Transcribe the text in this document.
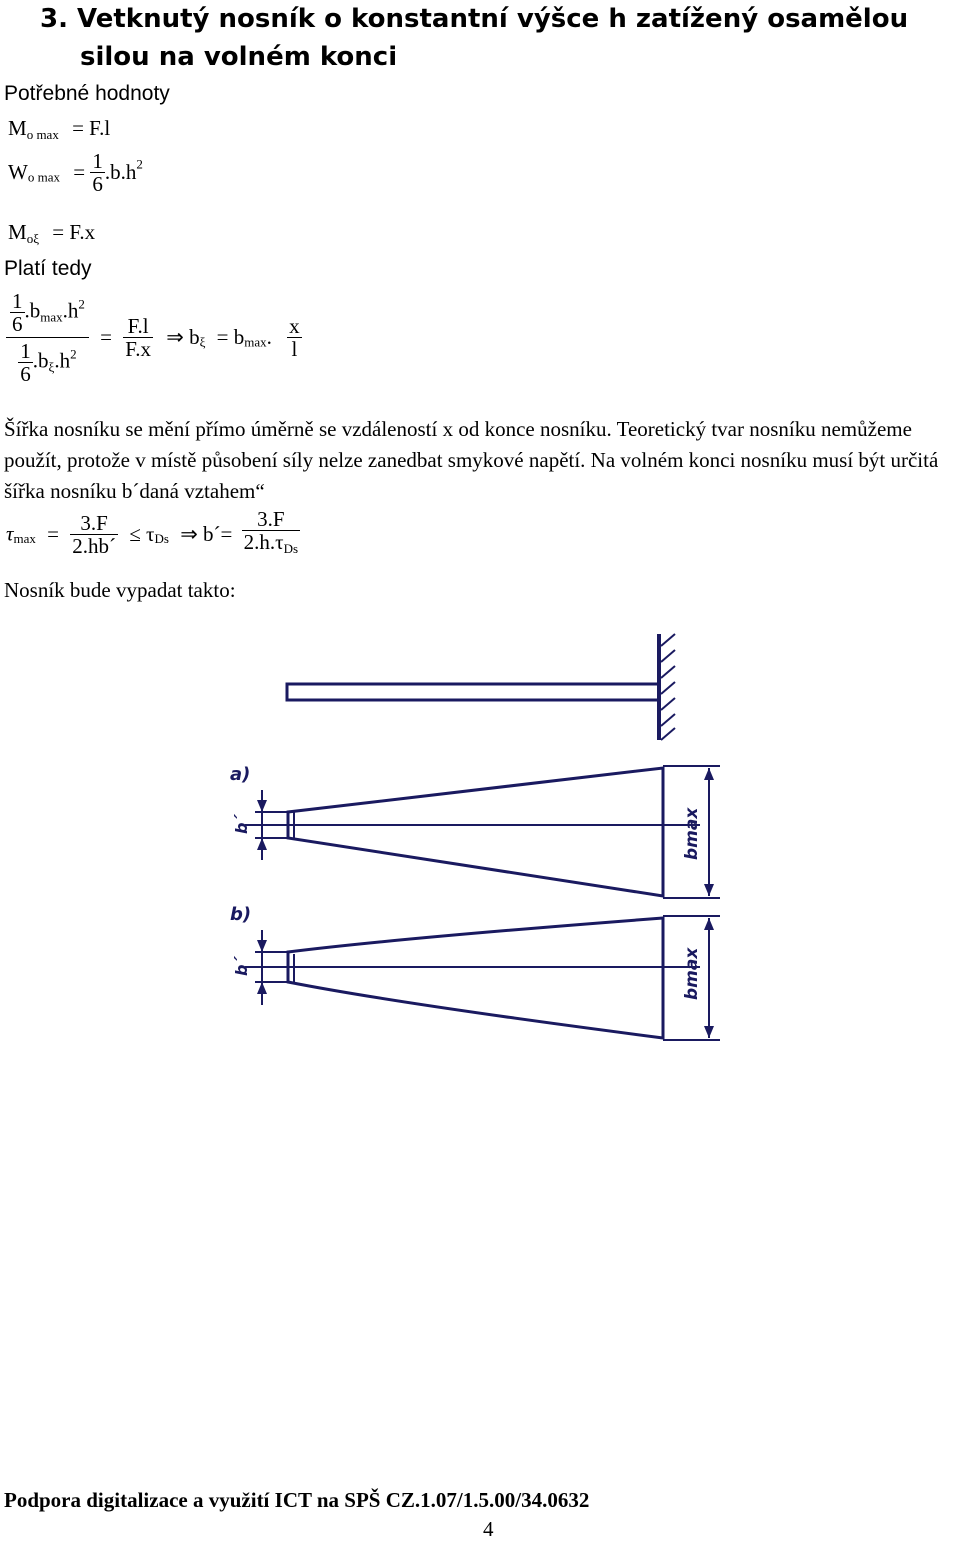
3. Vetknutý nosník o konstantní výšce h zatížený osamělou
silou na volném konci
Potřebné hodnoty
$M_{o max} = F.l$
$W_{o max} = \frac{1}{6} .b.h^2$
$M_{o\xi} = F.x$
Platí tedy
$\frac{\frac{1}{6} .b_{max}.h^2}{\frac{1}{6} .b_\xi.h^2} = \frac{F.l}{F.x}$ ⇒ $b_\xi = b_{max}$. $\frac{x}{l}$
Šířka nosníku se mění přímo úměrně se vzdáleností x od konce nosníku. Teoretický tvar nosníku nemůžeme použít, protože v místě působení síly nelze zanedbat smykové napětí. Na volném konci nosníku musí být určitá šířka nosníku b´daná vztahem“
$\tau_{max} = \frac{3.F}{2.hb´} \le \tau_{Ds}$ ⇒ b´= $\frac{3.F}{2.h.\tau_{Ds}}$
Nosník bude vypadat takto:
a)
b)
b´
b´
bmax
bmax
Podpora digitalizace a využití ICT na SPŠ CZ.1.07/1.5.00/34.0632
4
